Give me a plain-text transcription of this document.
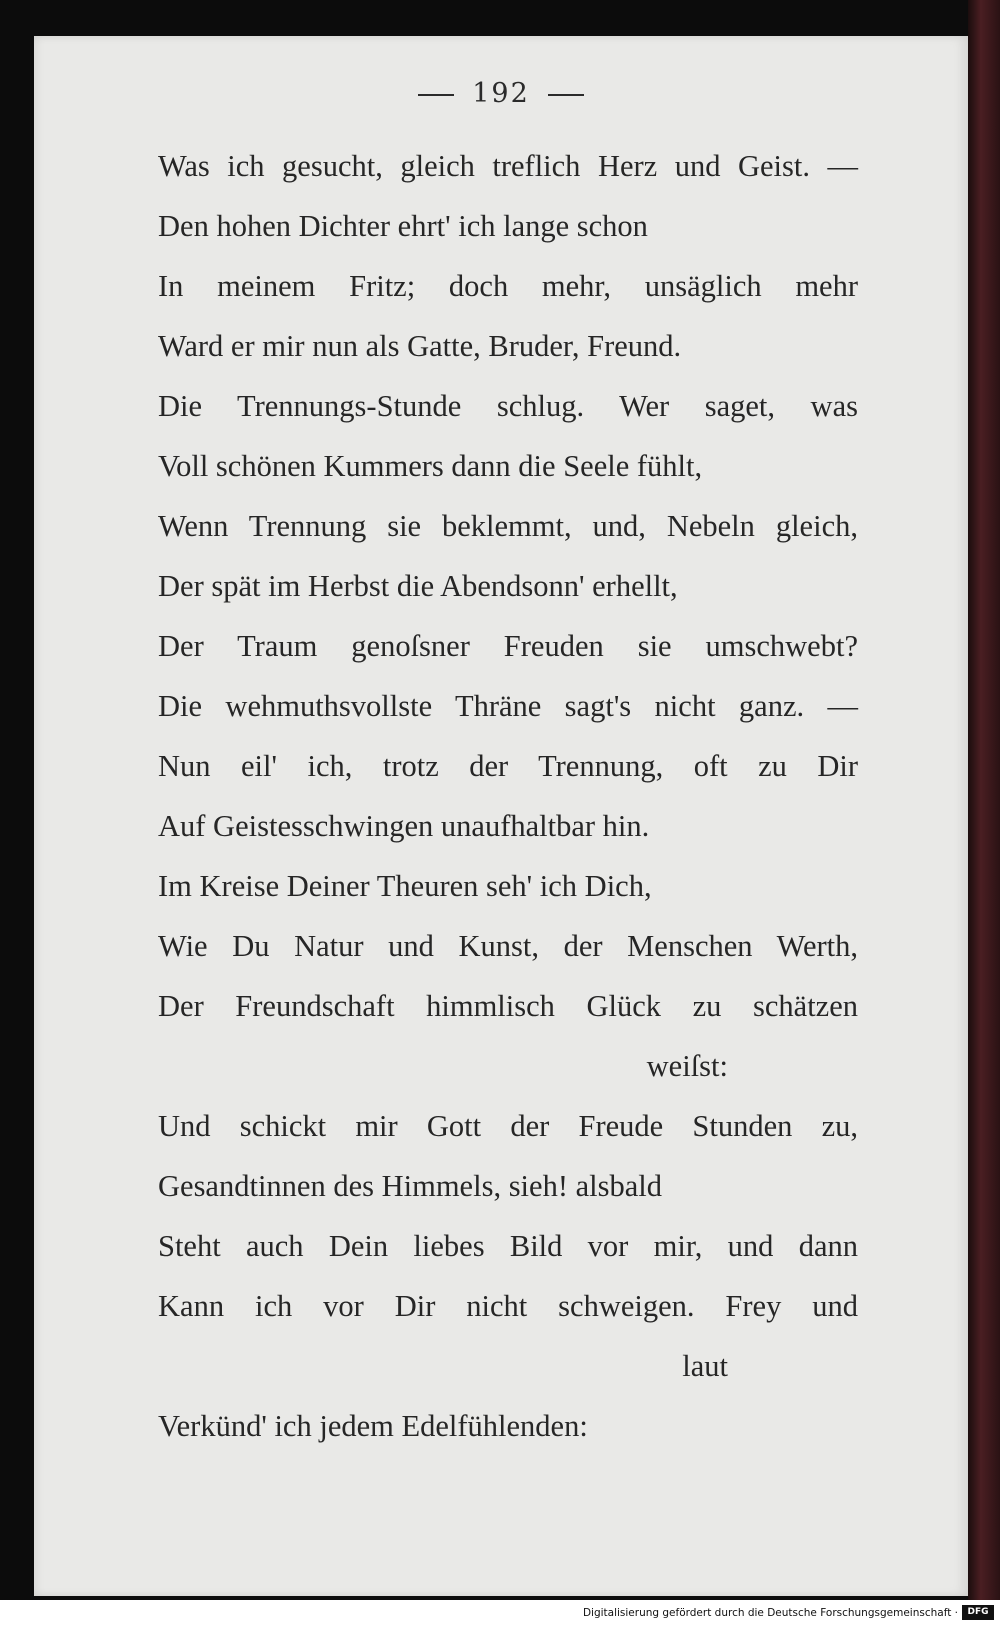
192
Was ich gesucht, gleich treflich Herz und Geist. —
Den hohen Dichter ehrt' ich lange schon
In meinem Fritz; doch mehr, unsäglich mehr
Ward er mir nun als Gatte, Bruder, Freund.
Die Trennungs-Stunde schlug. Wer saget, was
Voll schönen Kummers dann die Seele fühlt,
Wenn Trennung sie beklemmt, und, Nebeln gleich,
Der spät im Herbst die Abendsonn' erhellt,
Der Traum genoſsner Freuden sie umschwebt?
Die wehmuthsvollste Thräne sagt's nicht ganz. —
Nun eil' ich, trotz der Trennung, oft zu Dir
Auf Geistesschwingen unaufhaltbar hin.
Im Kreise Deiner Theuren seh' ich Dich,
Wie Du Natur und Kunst, der Menschen Werth,
Der Freundschaft himmlisch Glück zu schätzen
weiſst:
Und schickt mir Gott der Freude Stunden zu,
Gesandtinnen des Himmels, sieh! alsbald
Steht auch Dein liebes Bild vor mir, und dann
Kann ich vor Dir nicht schweigen. Frey und
laut
Verkünd' ich jedem Edelfühlenden:
Digitalisierung gefördert durch die Deutsche Forschungsgemeinschaft ·	DFG
